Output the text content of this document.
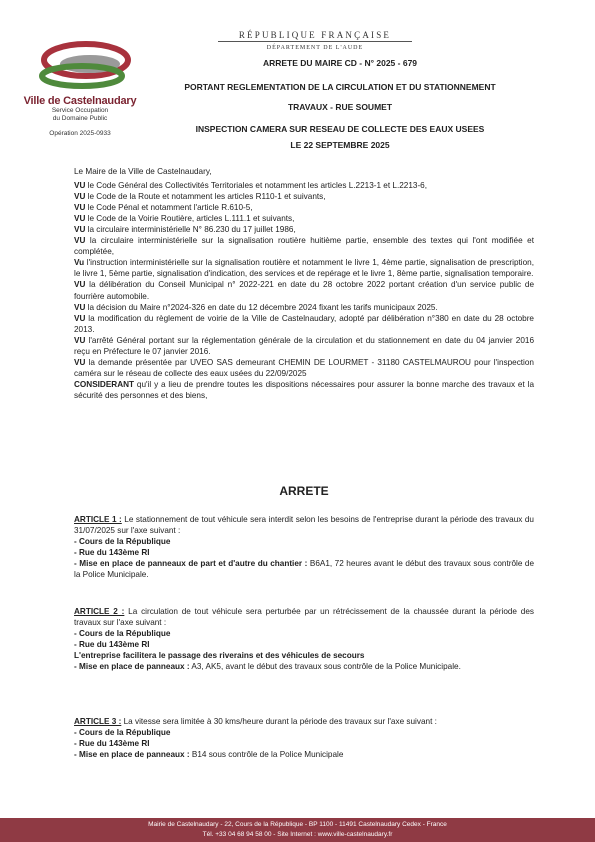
Ville de Castelnaudary
Service Occupation
du Domaine Public
Opération 2025-0933
RÉPUBLIQUE FRANÇAISE
DÉPARTEMENT DE L'AUDE
ARRETE DU MAIRE CD - N° 2025 - 679
PORTANT REGLEMENTATION DE LA CIRCULATION ET DU STATIONNEMENT
TRAVAUX - RUE SOUMET
INSPECTION CAMERA SUR RESEAU DE COLLECTE DES EAUX USEES
LE 22 SEPTEMBRE 2025

Le Maire de la Ville de Castelnaudary,

VU le Code Général des Collectivités Territoriales et notamment les articles L.2213-1 et L.2213-6,

VU le Code de la Route et notamment les articles R110-1 et suivants,

VU le Code Pénal et notamment l'article R.610-5,

VU le Code de la Voirie Routière, articles L.111.1 et suivants,

VU la circulaire interministérielle N° 86.230 du 17 juillet 1986,

VU la circulaire interministérielle sur la signalisation routière huitième partie, ensemble des textes qui l'ont modifiée et complétée,

Vu l'instruction interministérielle sur la signalisation routière et notamment le livre 1, 4ème partie, signalisation de prescription, le livre 1, 5ème partie, signalisation d'indication, des services et de repérage et le livre 1, 8ème partie, signalisation temporaire.

VU la délibération du Conseil Municipal n° 2022-221 en date du 28 octobre 2022 portant création d'un service public de fourrière automobile.

VU la décision du Maire n°2024-326 en date du 12 décembre 2024 fixant les tarifs municipaux 2025.

VU la modification du règlement de voirie de la Ville de Castelnaudary, adopté par délibération n°380 en date du 28 octobre 2013.

VU l'arrêté Général portant sur la réglementation générale de la circulation et du stationnement en date du 04 janvier 2016 reçu en Préfecture le 07 janvier 2016.

VU la demande présentée par UVEO SAS demeurant CHEMIN DE LOURMET - 31180 CASTELMAUROU pour l'inspection caméra sur le réseau de collecte des eaux usées du 22/09/2025

CONSIDERANT qu'il y a lieu de prendre toutes les dispositions nécessaires pour assurer la bonne marche des travaux et la sécurité des personnes et des biens,

ARRETE

ARTICLE 1 : Le stationnement de tout véhicule sera interdit selon les besoins de l'entreprise durant la période des travaux du 31/07/2025 sur l'axe suivant :

- Cours de la République

- Rue du 143ème RI

- Mise en place de panneaux de part et d'autre du chantier : B6A1, 72 heures avant le début des travaux sous contrôle de la Police Municipale.

ARTICLE 2 : La circulation de tout véhicule sera perturbée par un rétrécissement de la chaussée durant la période des travaux sur l'axe suivant :

- Cours de la République

- Rue du 143ème RI

L'entreprise facilitera le passage des riverains et des véhicules de secours

- Mise en place de panneaux : A3, AK5, avant le début des travaux sous contrôle de la Police Municipale.

ARTICLE 3 : La vitesse sera limitée à 30 kms/heure durant la période des travaux sur l'axe suivant :

- Cours de la République

- Rue du 143ème RI

- Mise en place de panneaux : B14 sous contrôle de la Police Municipale

Mairie de Castelnaudary - 22, Cours de la République - BP 1100 - 11491 Castelnaudary Cedex - France
Tél. +33 04 68 94 58 00 - Site Internet : www.ville-castelnaudary.fr
